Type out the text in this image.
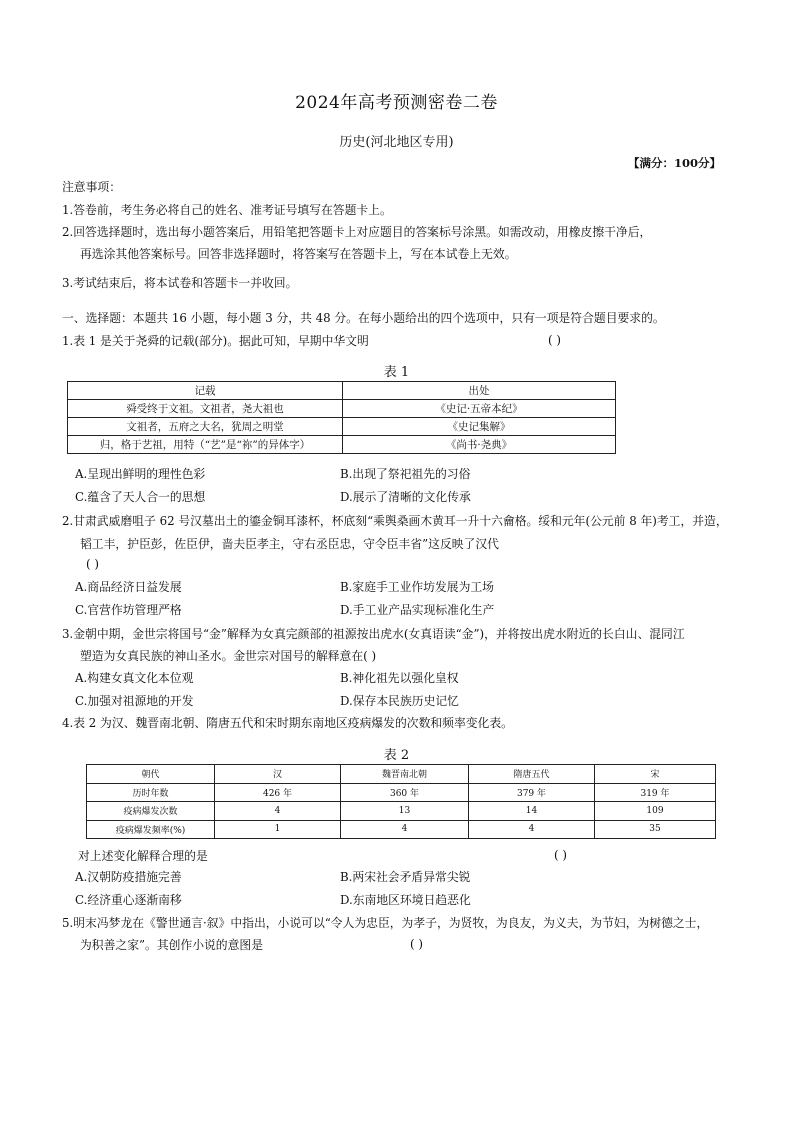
2024年高考预测密卷二卷
历史(河北地区专用)
【满分：100分】
注意事项：
1.答卷前，考生务必将自己的姓名、准考证号填写在答题卡上。
2.回答选择题时，选出每小题答案后，用铅笔把答题卡上对应题目的答案标号涂黑。如需改动，用橡皮擦干净后，
再选涂其他答案标号。回答非选择题时，将答案写在答题卡上，写在本试卷上无效。
3.考试结束后，将本试卷和答题卡一并收回。
一、选择题：本题共 16 小题，每小题 3 分，共 48 分。在每小题给出的四个选项中，只有一项是符合题目要求的。
1.表 1 是关于尧舜的记载(部分)。据此可知，早期中华文明	( )
表 1
记载	出处
舜受终于文祖。文祖者，尧大祖也	《史记·五帝本纪》
文祖者，五府之大名，犹周之明堂	《史记集解》
归，格于艺祖，用特（“艺”是“祢”的异体字）	《尚书·尧典》
A.呈现出鲜明的理性色彩	B.出现了祭祀祖先的习俗
C.蕴含了天人合一的思想	D.展示了清晰的文化传承
2.甘肃武威磨咀子 62 号汉墓出土的鎏金铜耳漆杯，杯底刻“乘舆桑画木黄耳一升十六龠格。绥和元年(公元前 8 年)考工，并造，
韬工丰，护臣彭，佐臣伊，啬夫臣孝主，守右丞臣忠，守令臣丰省”这反映了汉代
( )
A.商品经济日益发展	B.家庭手工业作坊发展为工场
C.官营作坊管理严格	D.手工业产品实现标准化生产
3.金朝中期，金世宗将国号“金”解释为女真完颜部的祖源按出虎水(女真语读“金”)，并将按出虎水附近的长白山、混同江
塑造为女真民族的神山圣水。金世宗对国号的解释意在( )
A.构建女真文化本位观	B.神化祖先以强化皇权
C.加强对祖源地的开发	D.保存本民族历史记忆
4.表 2 为汉、魏晋南北朝、隋唐五代和宋时期东南地区疫病爆发的次数和频率变化表。
表 2
朝代	汉	魏晋南北朝	隋唐五代	宋
历时年数	426 年	360 年	379 年	319 年
疫病爆发次数	4	13	14	109
疫病爆发频率(%)	1	4	4	35
对上述变化解释合理的是	( )
A.汉朝防疫措施完善	B.两宋社会矛盾异常尖锐
C.经济重心逐渐南移	D.东南地区环境日趋恶化
5.明末冯梦龙在《警世通言·叙》中指出，小说可以“令人为忠臣，为孝子，为贤牧，为良友，为义夫，为节妇，为树德之士，
为积善之家”。其创作小说的意图是	( )
